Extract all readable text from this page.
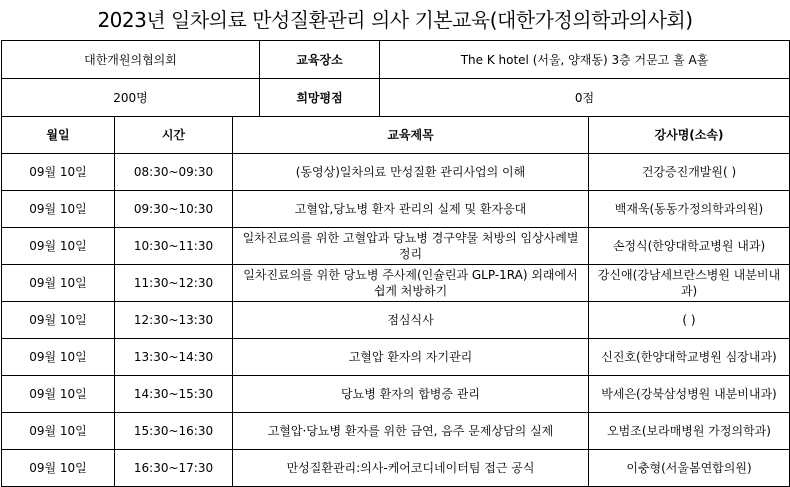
2023년 일차의료 만성질환관리 의사 기본교육(대한가정의학과의사회)
대한개원의협의회	교육장소	The K hotel (서울, 양재동) 3층 거문고 홀 A홀
200명	희망평점	0점
월일	시간	교육제목	강사명(소속)
09월 10일	08:30~09:30	(동영상)일차의료 만성질환 관리사업의 이해	건강증진개발원( )
09월 10일	09:30~10:30	고혈압,당뇨병 환자 관리의 실제 및 환자응대	백재욱(동동가정의학과의원)
09월 10일	10:30~11:30	일차진료의를 위한 고혈압과 당뇨병 경구약물 처방의 임상사례별 정리	손정식(한양대학교병원 내과)
09월 10일	11:30~12:30	일차진료의를 위한 당뇨병 주사제(인슐린과 GLP-1RA) 외래에서 쉽게 처방하기	강신애(강남세브란스병원 내분비내과)
09월 10일	12:30~13:30	점심식사	( )
09월 10일	13:30~14:30	고혈압 환자의 자기관리	신진호(한양대학교병원 심장내과)
09월 10일	14:30~15:30	당뇨병 환자의 합병증 관리	박세은(강북삼성병원 내분비내과)
09월 10일	15:30~16:30	고혈압·당뇨병 환자를 위한 금연, 음주 문제상담의 실제	오범조(보라매병원 가정의학과)
09월 10일	16:30~17:30	만성질환관리:의사-케어코디네이터팀 접근 공식	이충형(서울봄연합의원)
